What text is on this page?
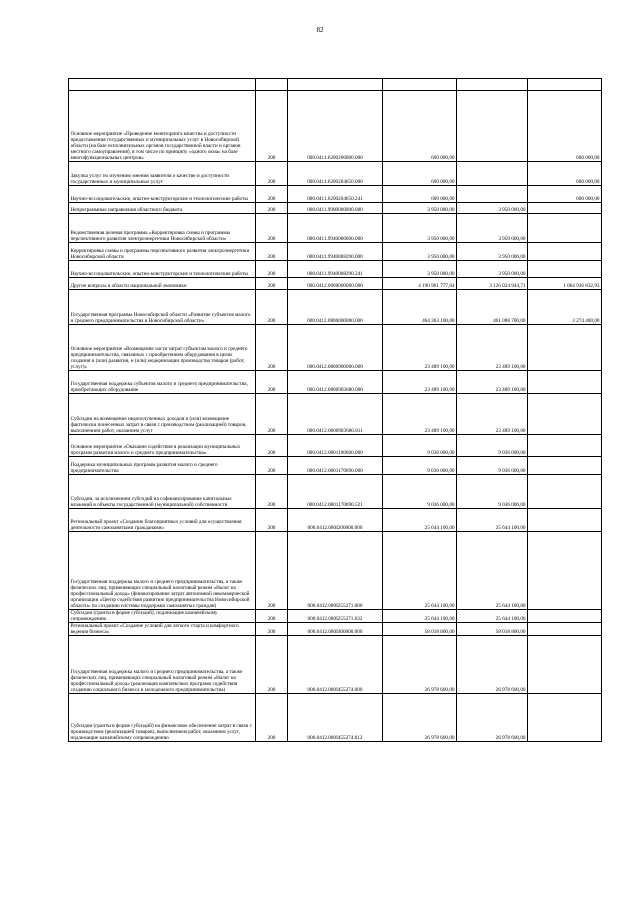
82

Основное мероприятие «Проведение мониторинга качества и доступности предоставления государственных и муниципальных услуг в Новосибирской области (на базе исполнительных органов государственной власти и органов местного самоуправления), в том числе по принципу «одного окна» на базе многофункциональных центров»	200	000.0411.6200200000.000	600 000,00		600 000,00
Закупка услуг по изучению мнения заявителя о качестве и доступности государственных и муниципальных услуг	200	000.0411.6200204650.000	600 000,00		600 000,00
Научно-исследовательские, опытно-конструкторские и технологические работы	200	000.0411.6200204650.241	600 000,00		600 000,00
Непрограммные направления областного бюджета	200	000.0411.9900000000.000	3 950 000,00	3 950 000,00	
Ведомственная целевая программа «Корректировка схемы и программы перспективного развития электроэнергетики Новосибирской области»	200	000.0411.9940000000.000	3 950 000,00	3 950 000,00	
Корректировка схемы и программы перспективного развития электроэнергетики Новосибирской области	200	000.0411.9940008290.000	3 950 000,00	3 950 000,00	
Научно-исследовательские, опытно-конструкторские и технологические работы	200	000.0411.9940008290.241	3 950 000,00	3 950 000,00	
Другие вопросы в области национальной экономики	200	000.0412.0000000000.000	4 190 961 777,64	3 126 024 944,71	1 064 936 832,93
Государственная программа Новосибирской области «Развитие субъектов малого и среднего предпринимательства в Новосибирской области»	200	000.0412.0800000000.000	464 363 100,00	461 088 700,00	3 274 400,00
Основное мероприятие «Возмещение части затрат субъектам малого и среднего предпринимательства, связанных с приобретением оборудования в целях создания и (или) развития, и (или) модернизации производства товаров (работ, услуг)»	200	000.0412.0800900000.000	23 489 100,00	23 489 100,00	
Государственная поддержка субъектов малого и среднего предпринимательства, приобретающих оборудование	200	000.0412.0800903680.000	23 489 100,00	23 489 100,00	
Субсидии на возмещение недополученных доходов и (или) возмещение фактически понесенных затрат в связи с производством (реализацией) товаров, выполнением работ, оказанием услуг	200	000.0412.0800903680.811	23 489 100,00	23 489 100,00	
Основное мероприятие «Оказание содействия в реализации муниципальных программ развития малого и среднего предпринимательства»	200	000.0412.0801100000.000	9 036 000,00	9 036 000,00	
Поддержка муниципальных программ развития малого и среднего предпринимательства	200	000.0412.0801170690.000	9 036 000,00	9 036 000,00	
Субсидии, за исключением субсидий на софинансирование капитальных вложений в объекты государственной (муниципальной) собственности	200	000.0412.0801170690.521	9 036 000,00	9 036 000,00	
Региональный проект «Создание благоприятных условий для осуществления деятельности самозанятыми гражданами»	200	000.0412.080I200000.000	25 644 100,00	25 644 100,00	
Государственная поддержка малого и среднего предпринимательства, а также физических лиц, применяющих специальный налоговый режим «Налог на профессиональный доход» (финансирование затрат автономной некоммерческой организации «Центр содействия развитию предпринимательства Новосибирской области» по созданию системы поддержки самозанятых граждан)	200	000.0412.080I255271.000	25 644 100,00	25 644 100,00	
Субсидии (гранты в форме субсидий), подлежащие казначейскому сопровождению	200	000.0412.080I255271.632	25 644 100,00	25 644 100,00	
Региональный проект «Создание условий для легкого старта и комфортного ведения бизнеса»	200	000.0412.080I400000.000	58 018 800,00	58 018 800,00	
Государственная поддержка малого и среднего предпринимательства, а также физических лиц, применяющих специальный налоговый режим «Налог на профессиональный доход» (реализация комплексных программ содействия созданию социального бизнеса и молодежного предпринимательства)	200	000.0412.080I455274.000	26 978 600,00	26 978 600,00	
Субсидии (гранты в форме субсидий) на финансовое обеспечение затрат в связи с производством (реализацией товаров), выполнением работ, оказанием услуг, подлежащие казначейскому сопровождению	200	000.0412.080I455274.812	26 978 600,00	26 978 600,00	
